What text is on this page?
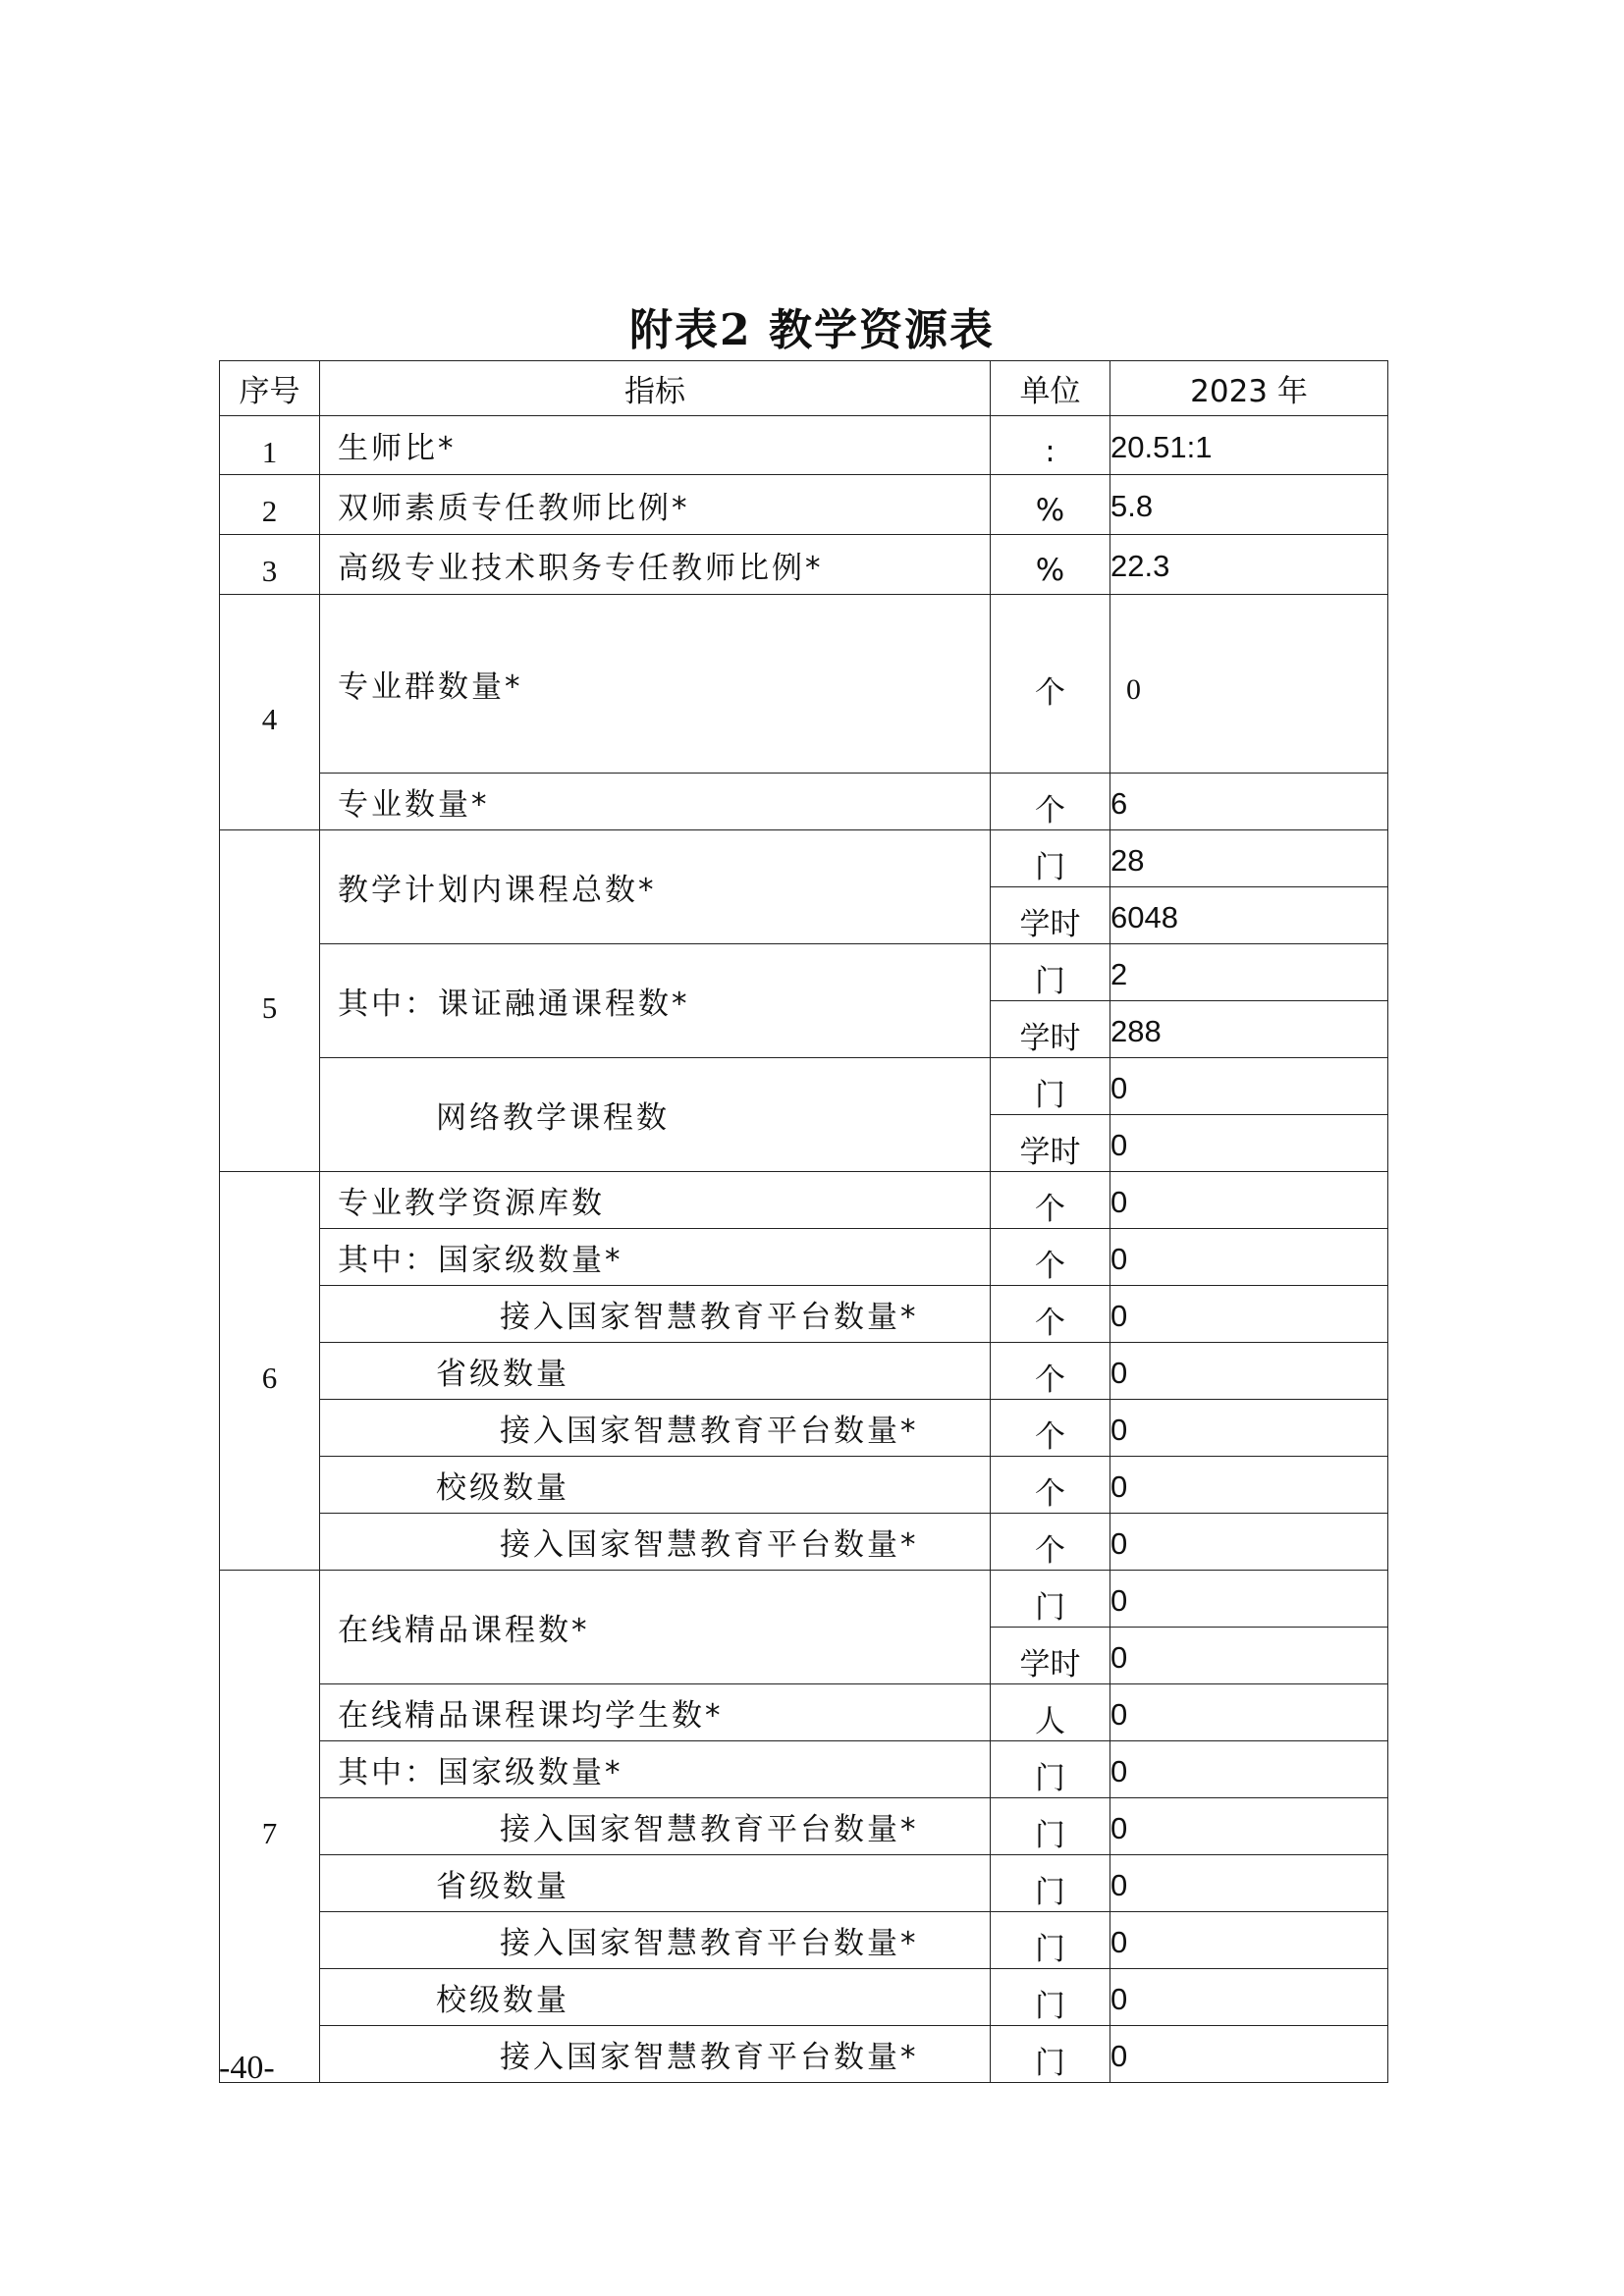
附表2 教学资源表
序号	指标	单位	2023 年
1	生师比*	:	20.51:1
2	双师素质专任教师比例*	%	5.8
3	高级专业技术职务专任教师比例*	%	22.3
4	专业群数量*	个	0
	专业数量*	个	6
5	教学计划内课程总数*	门	28
		学时	6048
	其中：课证融通课程数*	门	2
		学时	288
	网络教学课程数	门	0
		学时	0
6	专业教学资源库数	个	0
	其中：国家级数量*	个	0
	接入国家智慧教育平台数量*	个	0
	省级数量	个	0
	接入国家智慧教育平台数量*	个	0
	校级数量	个	0
	接入国家智慧教育平台数量*	个	0
7	在线精品课程数*	门	0
		学时	0
	在线精品课程课均学生数*	人	0
	其中：国家级数量*	门	0
	接入国家智慧教育平台数量*	门	0
	省级数量	门	0
	接入国家智慧教育平台数量*	门	0
	校级数量	门	0
	接入国家智慧教育平台数量*	门	0
-40-
